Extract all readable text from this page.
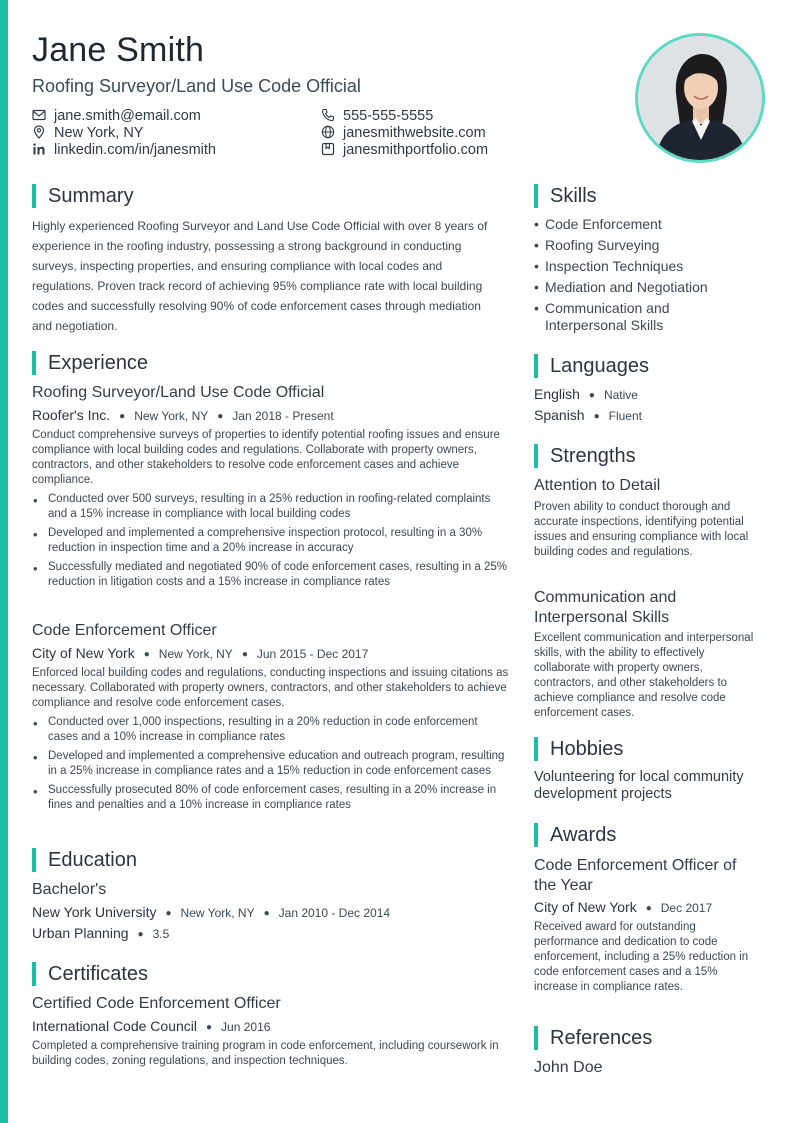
Jane Smith
Roofing Surveyor/Land Use Code Official
jane.smith@email.com	555-555-5555
New York, NY	janesmithwebsite.com
linkedin.com/in/janesmith	janesmithportfolio.com
Summary
Highly experienced Roofing Surveyor and Land Use Code Official with over 8 years of experience in the roofing industry, possessing a strong background in conducting surveys, inspecting properties, and ensuring compliance with local codes and regulations. Proven track record of achieving 95% compliance rate with local building codes and successfully resolving 90% of code enforcement cases through mediation and negotiation.
Experience
Roofing Surveyor/Land Use Code Official
Roofer's Inc. ● New York, NY ● Jan 2018 - Present
Conduct comprehensive surveys of properties to identify potential roofing issues and ensure compliance with local building codes and regulations. Collaborate with property owners, contractors, and other stakeholders to resolve code enforcement cases and achieve compliance.
• Conducted over 500 surveys, resulting in a 25% reduction in roofing-related complaints and a 15% increase in compliance with local building codes
• Developed and implemented a comprehensive inspection protocol, resulting in a 30% reduction in inspection time and a 20% increase in accuracy
• Successfully mediated and negotiated 90% of code enforcement cases, resulting in a 25% reduction in litigation costs and a 15% increase in compliance rates
Code Enforcement Officer
City of New York ● New York, NY ● Jun 2015 - Dec 2017
Enforced local building codes and regulations, conducting inspections and issuing citations as necessary. Collaborated with property owners, contractors, and other stakeholders to achieve compliance and resolve code enforcement cases.
• Conducted over 1,000 inspections, resulting in a 20% reduction in code enforcement cases and a 10% increase in compliance rates
• Developed and implemented a comprehensive education and outreach program, resulting in a 25% increase in compliance rates and a 15% reduction in code enforcement cases
• Successfully prosecuted 80% of code enforcement cases, resulting in a 20% increase in fines and penalties and a 10% increase in compliance rates
Education
Bachelor's
New York University ● New York, NY ● Jan 2010 - Dec 2014
Urban Planning ● 3.5
Certificates
Certified Code Enforcement Officer
International Code Council ● Jun 2016
Completed a comprehensive training program in code enforcement, including coursework in building codes, zoning regulations, and inspection techniques.
Skills
• Code Enforcement
• Roofing Surveying
• Inspection Techniques
• Mediation and Negotiation
• Communication and Interpersonal Skills
Languages
English ● Native
Spanish ● Fluent
Strengths
Attention to Detail
Proven ability to conduct thorough and accurate inspections, identifying potential issues and ensuring compliance with local building codes and regulations.
Communication and Interpersonal Skills
Excellent communication and interpersonal skills, with the ability to effectively collaborate with property owners, contractors, and other stakeholders to achieve compliance and resolve code enforcement cases.
Hobbies
Volunteering for local community development projects
Awards
Code Enforcement Officer of the Year
City of New York ● Dec 2017
Received award for outstanding performance and dedication to code enforcement, including a 25% reduction in code enforcement cases and a 15% increase in compliance rates.
References
John Doe
